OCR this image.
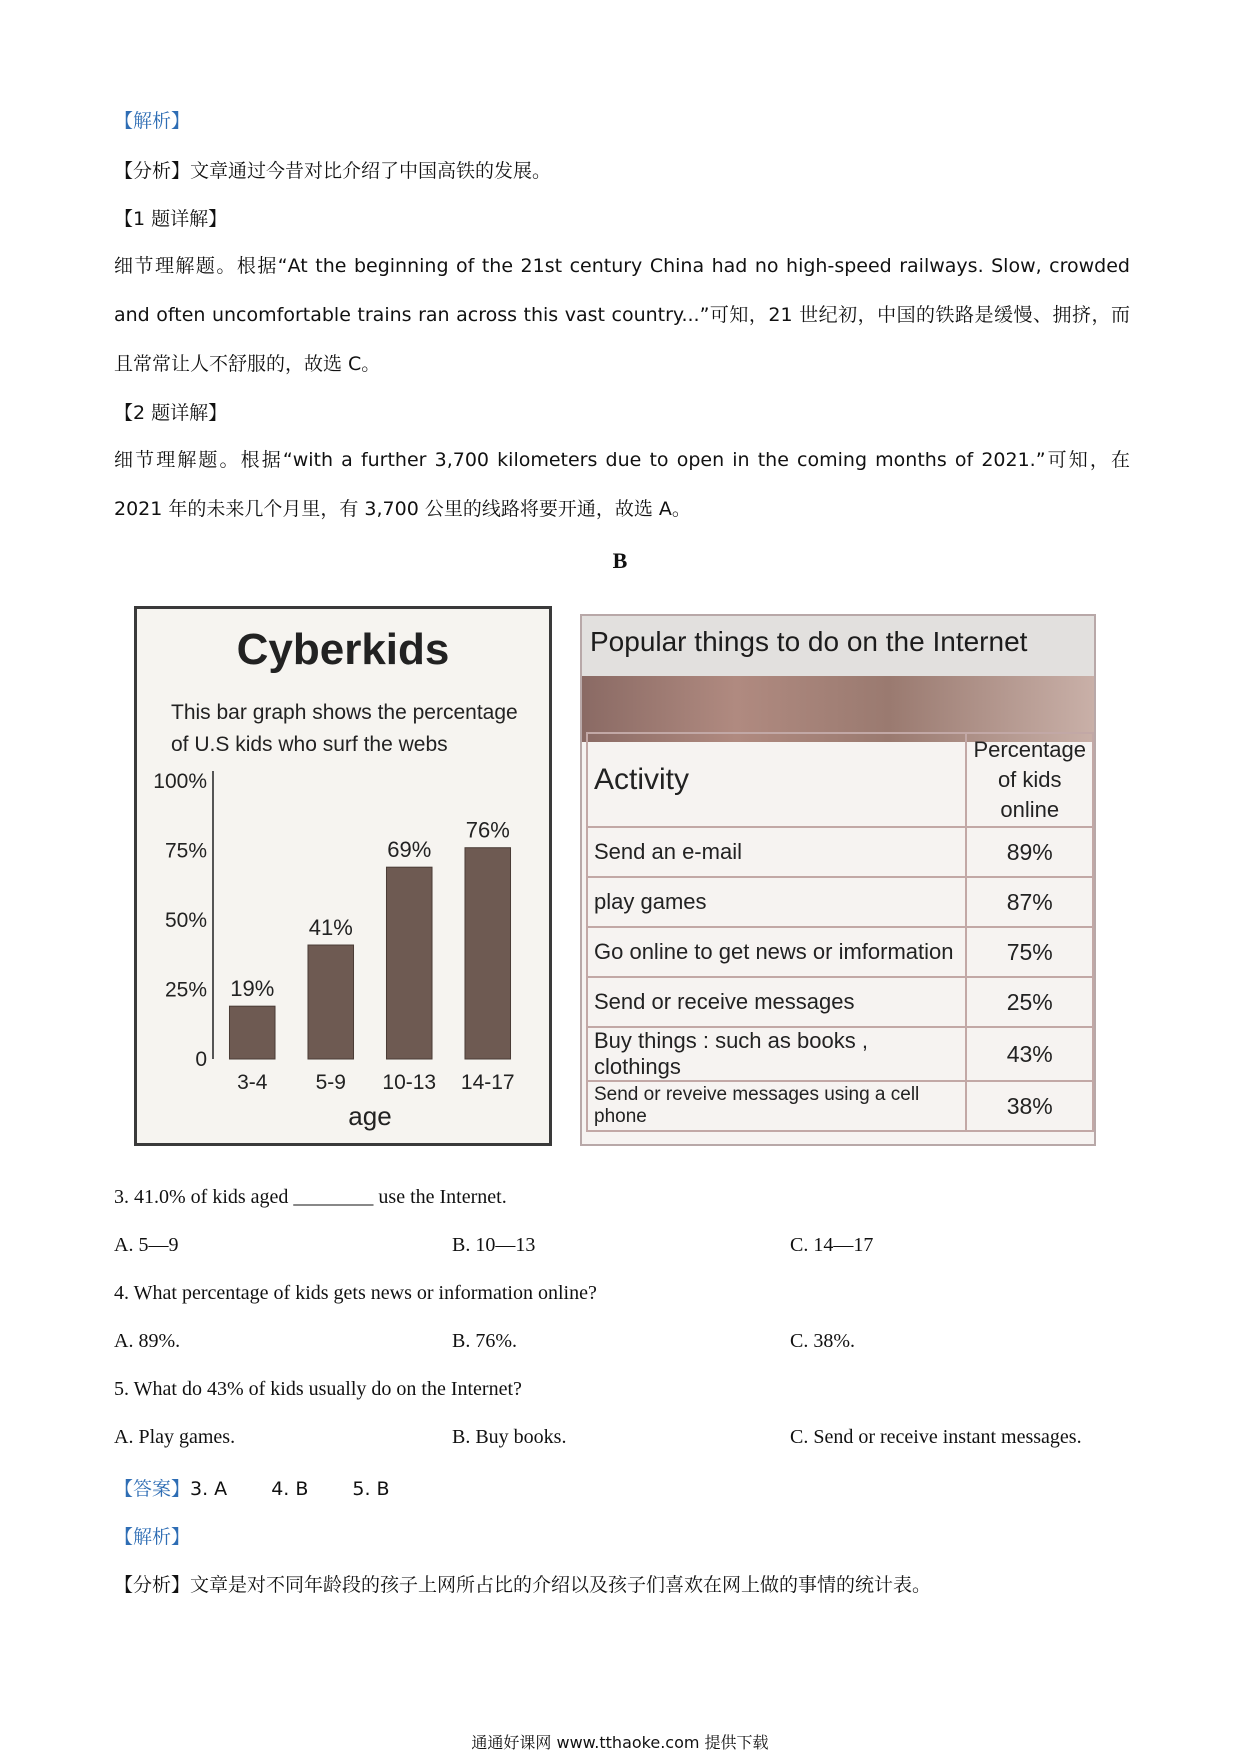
【解析】
【分析】文章通过今昔对比介绍了中国高铁的发展。
【1 题详解】
细节理解题。根据“At the beginning of the 21st century China had no high-speed railways. Slow, crowded and often uncomfortable trains ran across this vast country...”可知，21 世纪初，中国的铁路是缓慢、拥挤，而且常常让人不舒服的，故选 C。
【2 题详解】
细节理解题。根据“with a further 3,700 kilometers due to open in the coming months of 2021.”可知，在 2021 年的未来几个月里，有 3,700 公里的线路将要开通，故选 A。
B
Cyberkids
This bar graph shows the percentage of U.S kids who surf the webs
0
25%
50%
75%
100%
19%
3-4
41%
5-9
69%
10-13
76%
14-17
age
Popular things to do on the Internet
Activity	Percentage
of kids online
Send an e-mail	89%
play games	87%
Go online to get news or imformation	75%
Send or receive messages	25%
Buy things : such as books , clothings	43%
Send or reveive messages using a cell phone	38%
3. 41.0% of kids aged ________ use the Internet.
A. 5—9	B. 10—13	C. 14—17
4. What percentage of kids gets news or information online?
A. 89%.	B. 76%.	C. 38%.
5. What do 43% of kids usually do on the Internet?
A. Play games.	B. Buy books.	C. Send or receive instant messages.
【答案】3. A 4. B 5. B
【解析】
【分析】文章是对不同年龄段的孩子上网所占比的介绍以及孩子们喜欢在网上做的事情的统计表。
通通好课网 www.tthaoke.com 提供下载
